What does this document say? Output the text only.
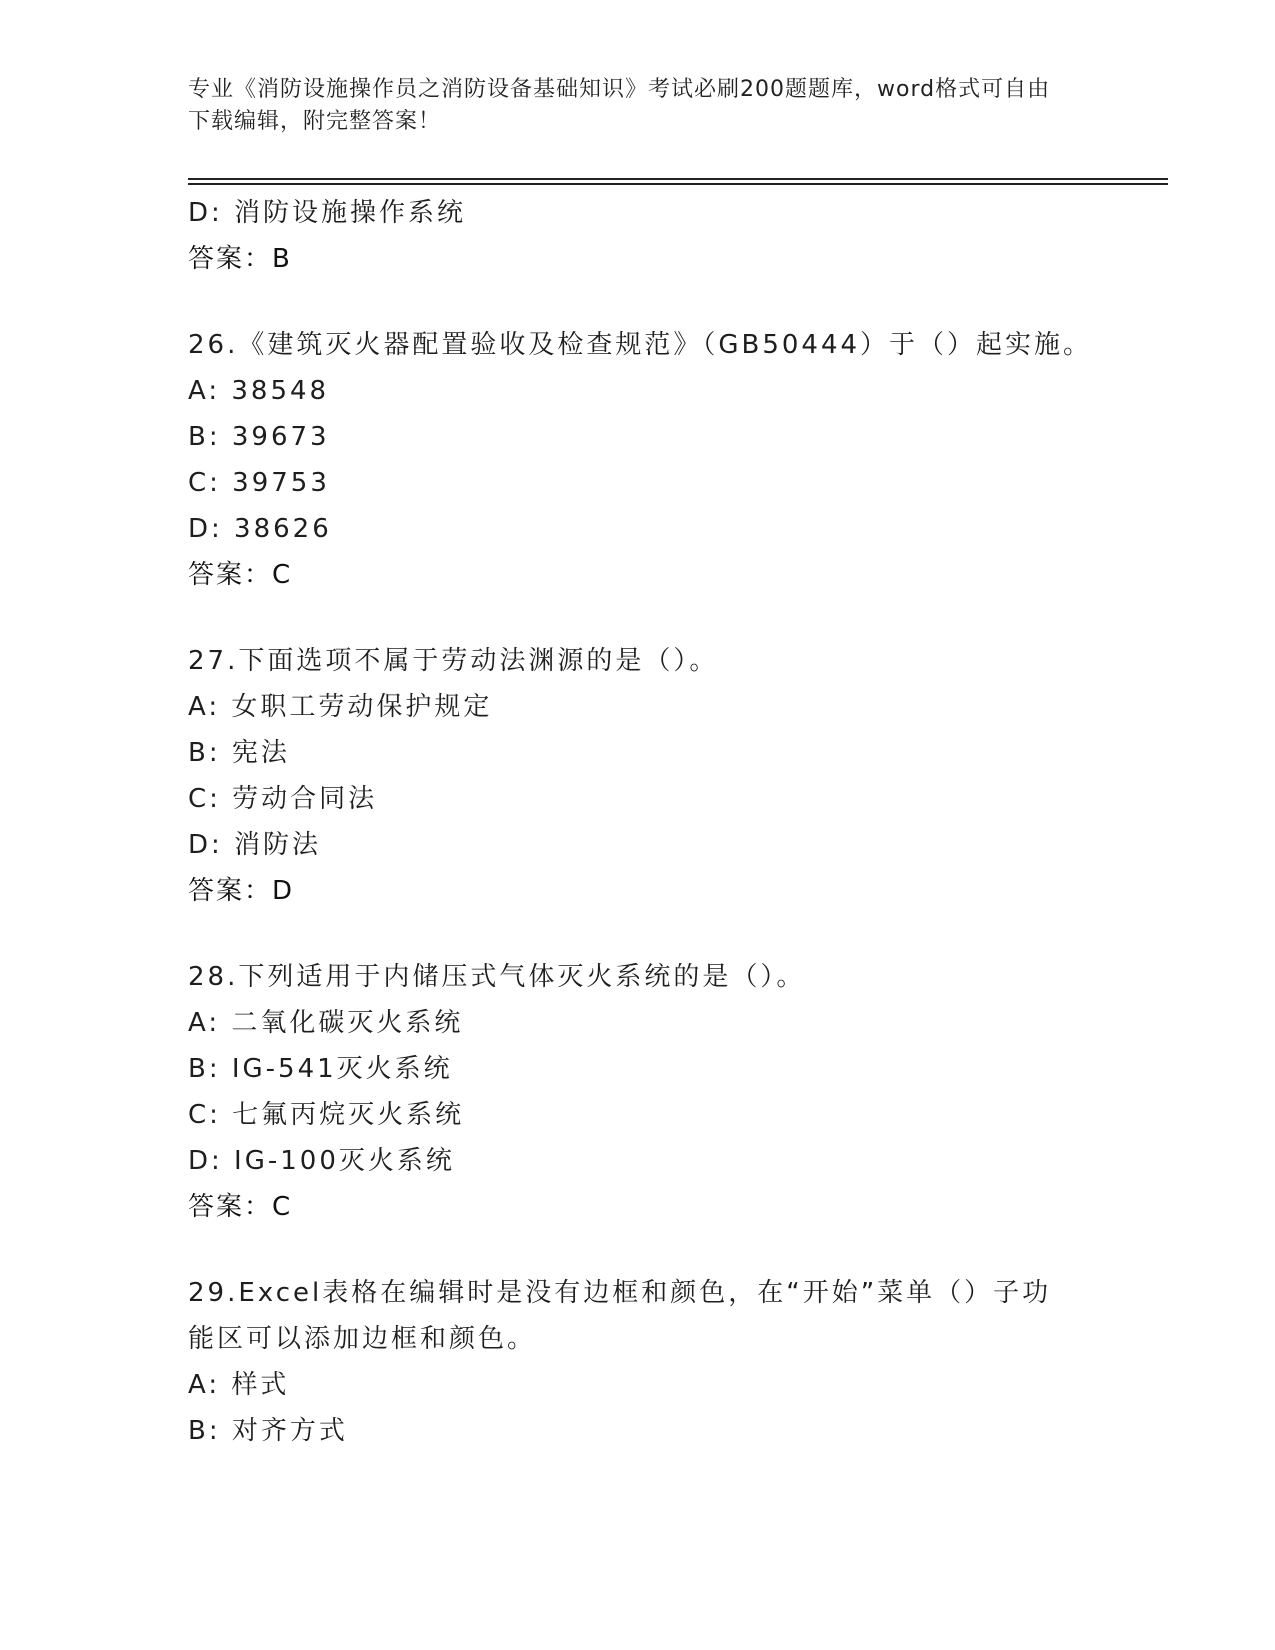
专业《消防设施操作员之消防设备基础知识》考试必刷200题题库，word格式可自由下载编辑，附完整答案！
D: 消防设施操作系统
答案：B
26.《建筑灭火器配置验收及检查规范》（GB50444）于（）起实施。
A: 38548
B: 39673
C: 39753
D: 38626
答案：C
27.下面选项不属于劳动法渊源的是（）。
A: 女职工劳动保护规定
B: 宪法
C: 劳动合同法
D: 消防法
答案：D
28.下列适用于内储压式气体灭火系统的是（）。
A: 二氧化碳灭火系统
B: IG-541灭火系统
C: 七氟丙烷灭火系统
D: IG-100灭火系统
答案：C
29.Excel表格在编辑时是没有边框和颜色，在“开始”菜单（）子功能区可以添加边框和颜色。
A: 样式
B: 对齐方式
